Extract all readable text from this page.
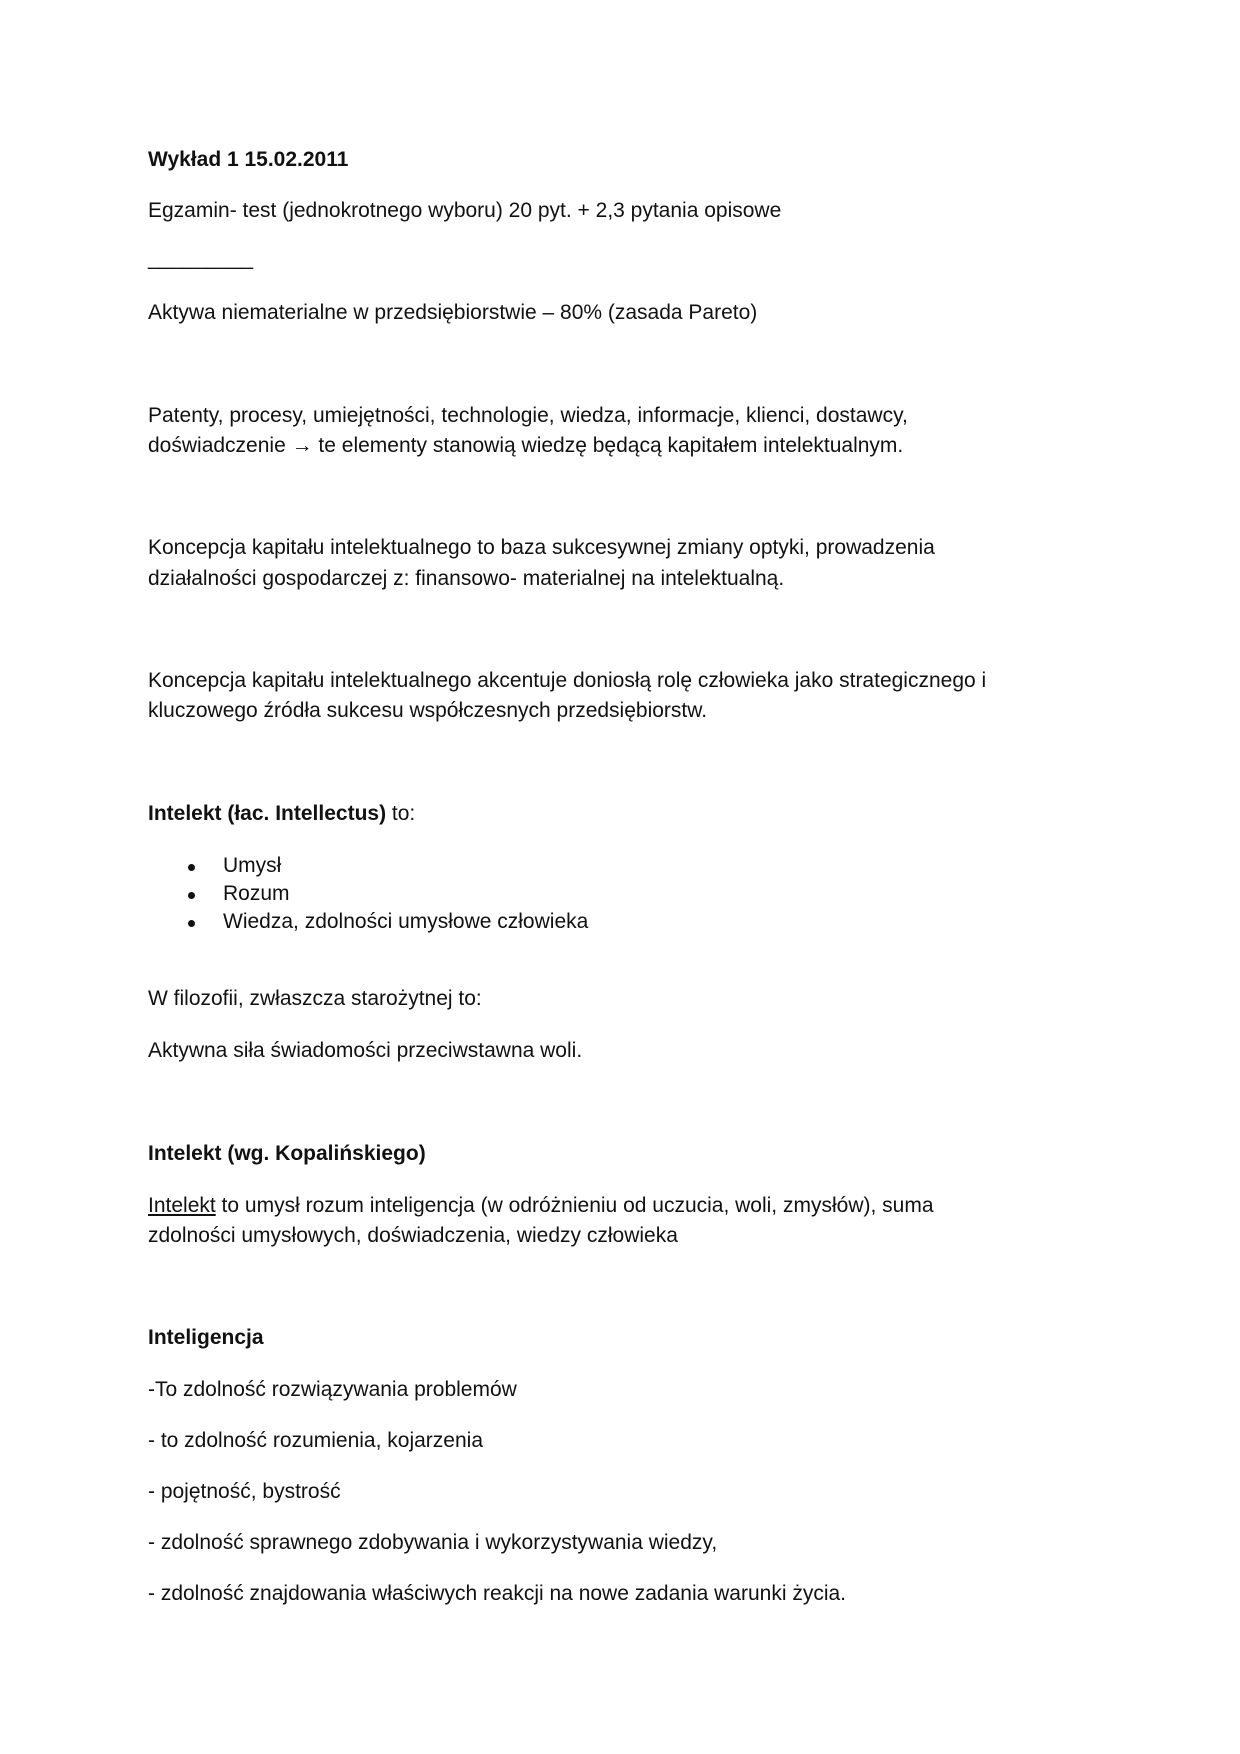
Wykład 1 15.02.2011

Egzamin- test (jednokrotnego wyboru) 20 pyt. + 2,3 pytania opisowe

_________

Aktywa niematerialne w przedsiębiorstwie – 80% (zasada Pareto)

Patenty, procesy, umiejętności, technologie, wiedza, informacje, klienci, dostawcy,

doświadczenie → te elementy stanowią wiedzę będącą kapitałem intelektualnym.

Koncepcja kapitału intelektualnego to baza sukcesywnej zmiany optyki, prowadzenia

działalności gospodarczej z: finansowo- materialnej na intelektualną.

Koncepcja kapitału intelektualnego akcentuje doniosłą rolę człowieka jako strategicznego i

kluczowego źródła sukcesu współczesnych przedsiębiorstw.

Intelekt (łac. Intellectus) to:

Umysł
Rozum
Wiedza, zdolności umysłowe człowieka

W filozofii, zwłaszcza starożytnej to:

Aktywna siła świadomości przeciwstawna woli.

Intelekt (wg. Kopalińskiego)

Intelekt to umysł rozum inteligencja (w odróżnieniu od uczucia, woli, zmysłów), suma

zdolności umysłowych, doświadczenia, wiedzy człowieka

Inteligencja

-To zdolność rozwiązywania problemów

- to zdolność rozumienia, kojarzenia

- pojętność, bystrość

- zdolność sprawnego zdobywania i wykorzystywania wiedzy,

- zdolność znajdowania właściwych reakcji na nowe zadania warunki życia.
